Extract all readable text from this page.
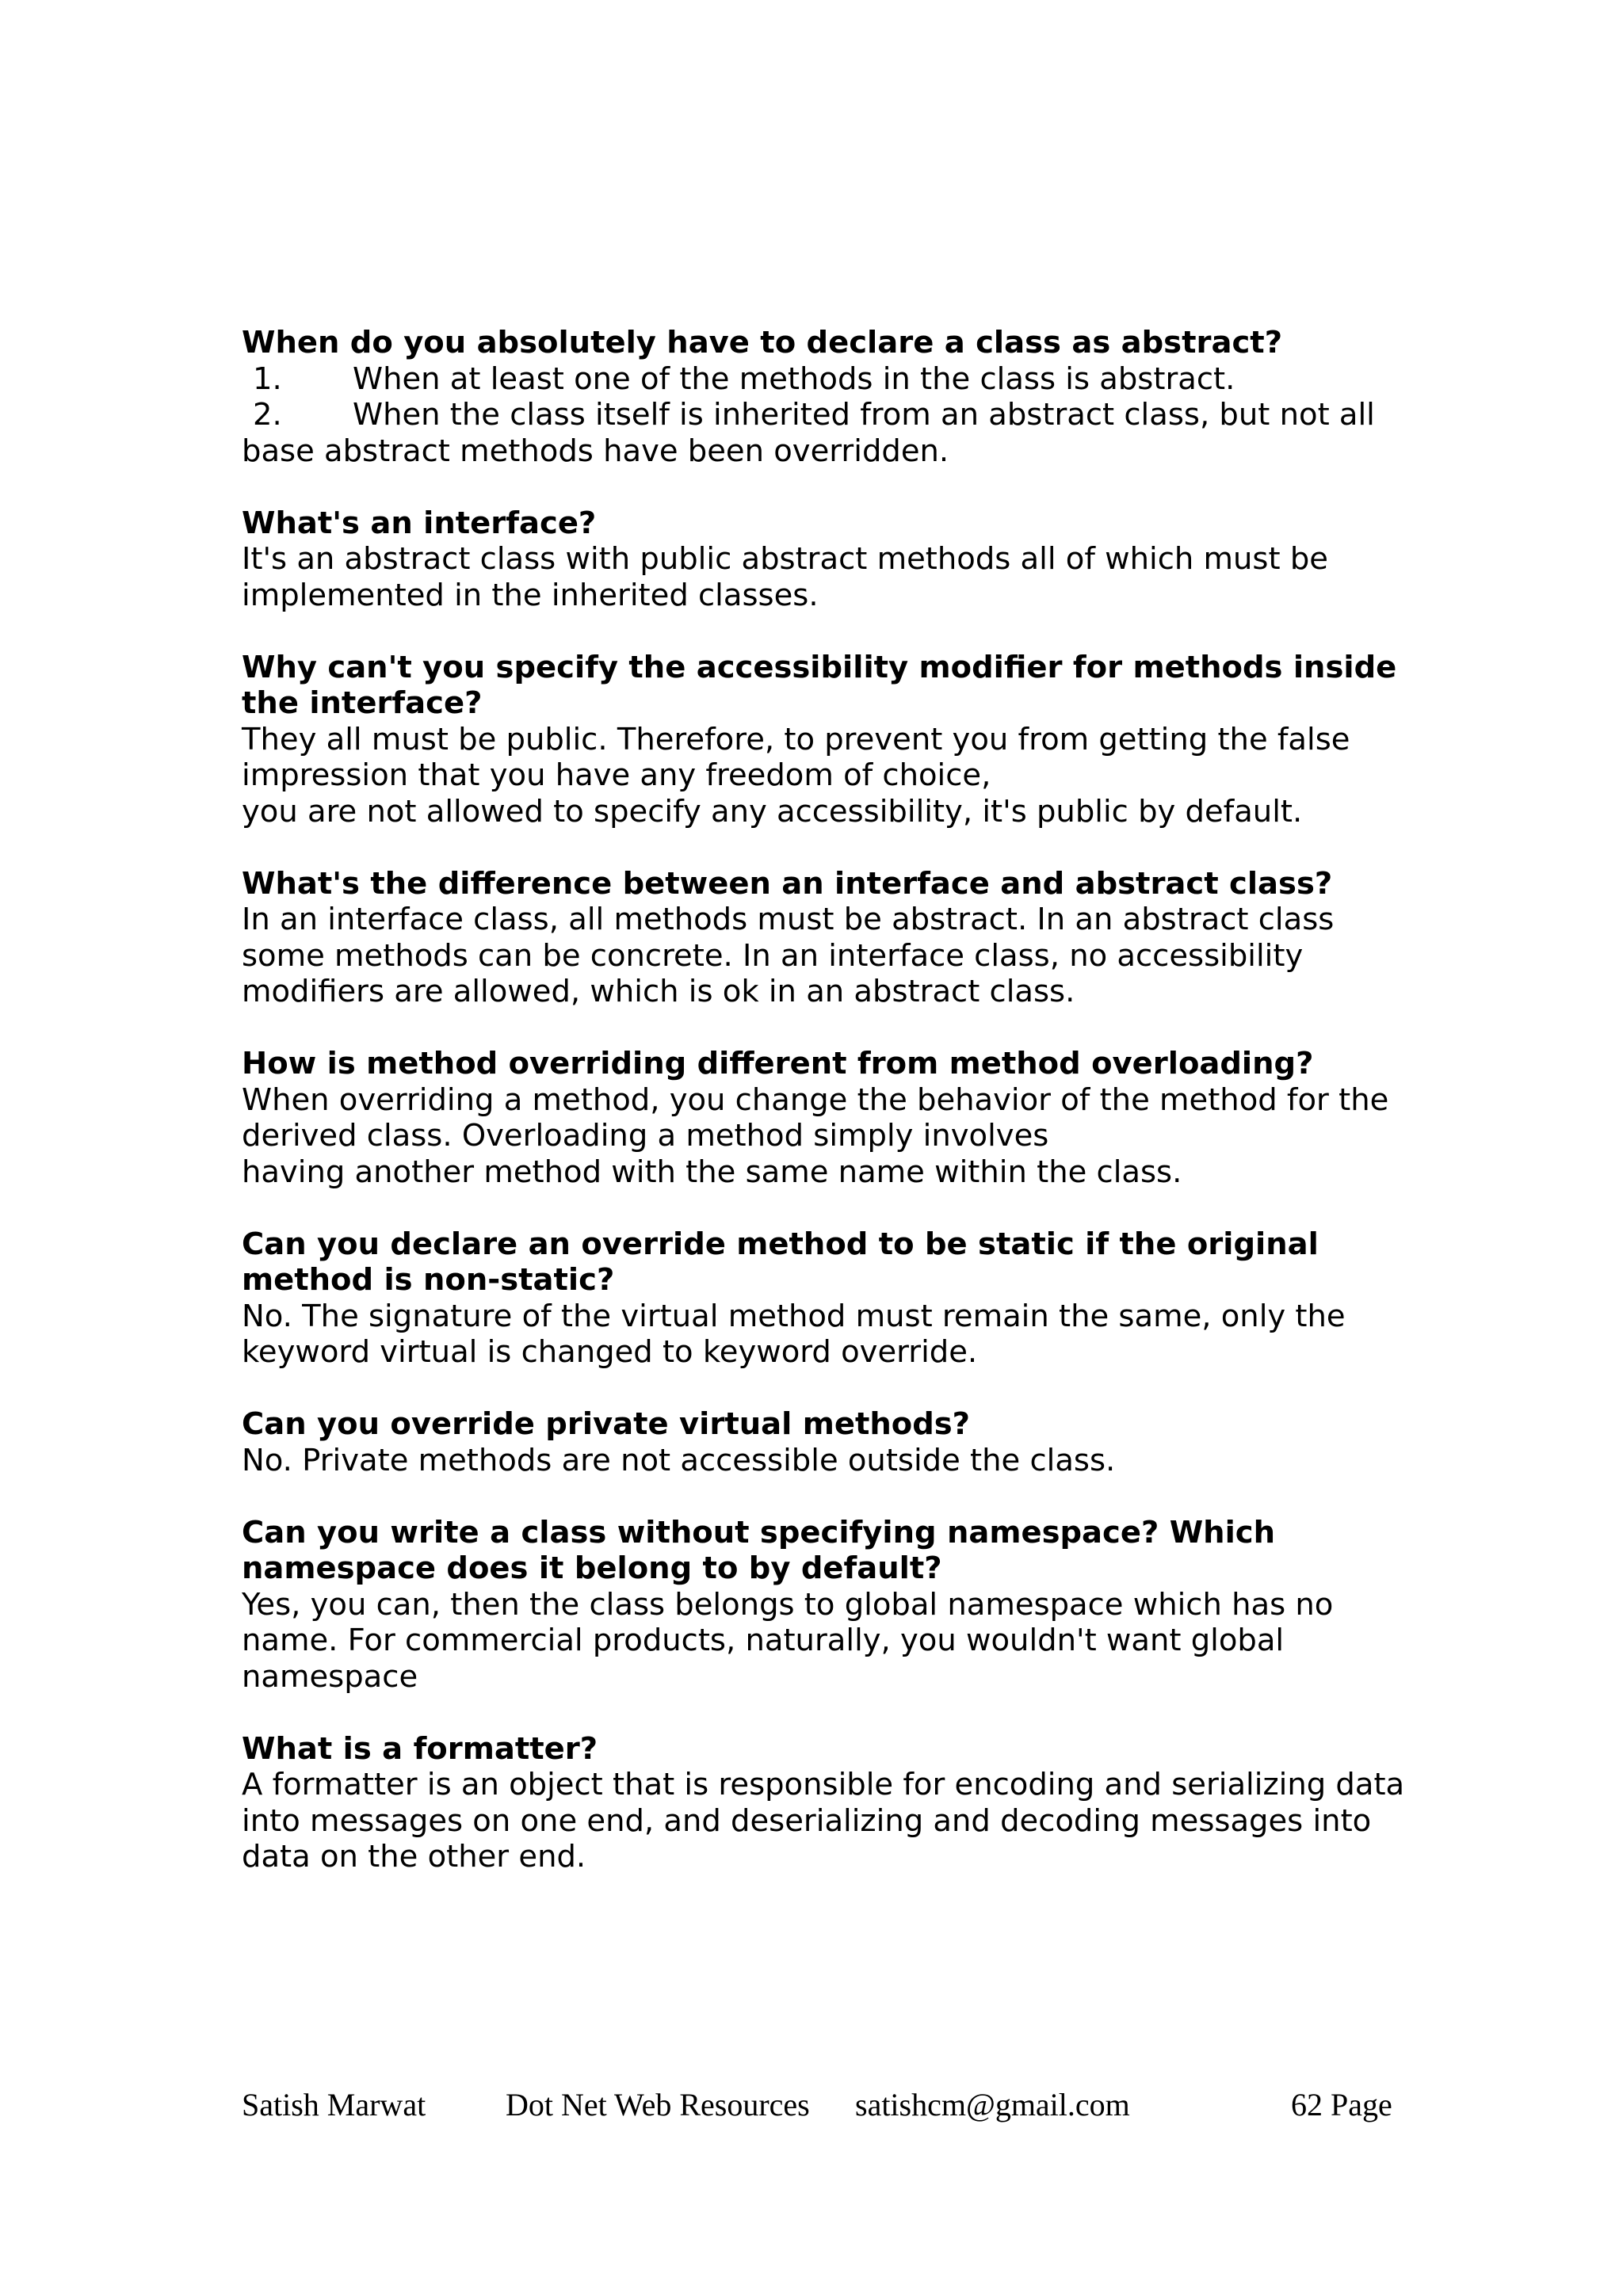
When do you absolutely have to declare a class as abstract?

1. When at least one of the methods in the class is abstract.

2. When the class itself is inherited from an abstract class, but not all

base abstract methods have been overridden.

What's an interface?

It's an abstract class with public abstract methods all of which must be

implemented in the inherited classes.

Why can't you specify the accessibility modifier for methods inside

the interface?

They all must be public. Therefore, to prevent you from getting the false

impression that you have any freedom of choice,

you are not allowed to specify any accessibility, it's public by default.

What's the difference between an interface and abstract class?

In an interface class, all methods must be abstract. In an abstract class

some methods can be concrete. In an interface class, no accessibility

modifiers are allowed, which is ok in an abstract class.

How is method overriding different from method overloading?

When overriding a method, you change the behavior of the method for the

derived class. Overloading a method simply involves

having another method with the same name within the class.

Can you declare an override method to be static if the original

method is non-static?

No. The signature of the virtual method must remain the same, only the

keyword virtual is changed to keyword override.

Can you override private virtual methods?

No. Private methods are not accessible outside the class.

Can you write a class without specifying namespace? Which

namespace does it belong to by default?

Yes, you can, then the class belongs to global namespace which has no

name. For commercial products, naturally, you wouldn't want global

namespace

What is a formatter?

A formatter is an object that is responsible for encoding and serializing data

into messages on one end, and deserializing and decoding messages into

data on the other end.

Satish Marwat	Dot Net Web Resources satishcm@gmail.com	62 Page
